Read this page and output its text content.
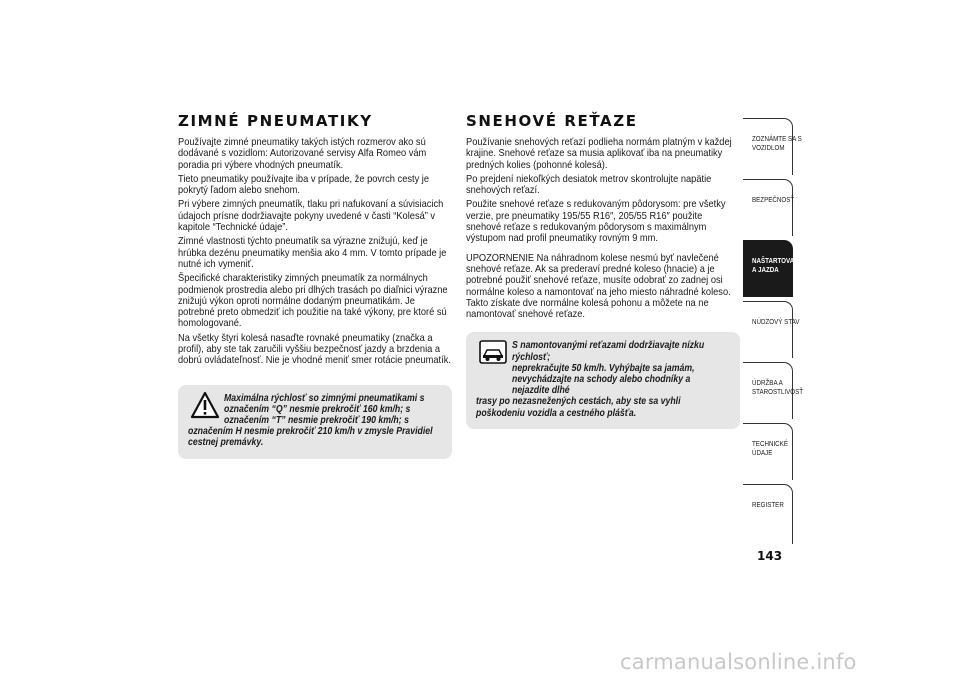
ZIMNÉ PNEUMATIKY

Používajte zimné pneumatiky takých istých rozmerov ako sú dodávané s vozidlom: Autorizované servisy Alfa Romeo vám poradia pri výbere vhodných pneumatík.

Tieto pneumatiky používajte iba v prípade, že povrch cesty je pokrytý ľadom alebo snehom.

Pri výbere zimných pneumatík, tlaku pri nafukovaní a súvisiacich údajoch prísne dodržiavajte pokyny uvedené v časti “Kolesá” v kapitole “Technické údaje”.

Zimné vlastnosti týchto pneumatík sa výrazne znižujú, keď je hrúbka dezénu pneumatiky menšia ako 4 mm. V tomto prípade je nutné ich vymeniť.

Špecifické charakteristiky zimných pneumatík za normálnych podmienok prostredia alebo pri dlhých trasách po diaľnici výrazne znižujú výkon oproti normálne dodaným pneumatikám. Je potrebné preto obmedziť ich použitie na také výkony, pre ktoré sú homologované.

Na všetky štyri kolesá nasaďte rovnaké pneumatiky (značka a profil), aby ste tak zaručili vyššiu bezpečnosť jazdy a brzdenia a dobrú ovládateľnosť. Nie je vhodné meniť smer rotácie pneumatík.

Maximálna rýchlosť so zimnými pneumatikami s
označením “Q” nesmie prekročiť 160 km/h; s
označením “T” nesmie prekročiť 190 km/h; s
označením H nesmie prekročiť 210 km/h v zmysle Pravidiel cestnej premávky.

SNEHOVÉ REŤAZE

Používanie snehových reťazí podlieha normám platným v každej krajine. Snehové reťaze sa musia aplikovať iba na pneumatiky predných kolies (pohonné kolesá).

Po prejdení niekoľkých desiatok metrov skontrolujte napätie snehových reťazí.

Použite snehové reťaze s redukovaným pôdorysom: pre všetky verzie, pre pneumatiky 195/55 R16″, 205/55 R16″ použite snehové reťaze s redukovaným pôdorysom s maximálnym výstupom nad profil pneumatiky rovným 9 mm.

UPOZORNENIE Na náhradnom kolese nesmú byť navlečené snehové reťaze. Ak sa prederaví predné koleso (hnacie) a je potrebné použiť snehové reťaze, musíte odobrať zo zadnej osi normálne koleso a namontovať na jeho miesto náhradné koleso. Takto získate dve normálne kolesá pohonu a môžete na ne namontovať snehové reťaze.

S namontovanými reťazami dodržiavajte nízku rýchlosť;
neprekračujte 50 km/h. Vyhýbajte sa jamám,
nevychádzajte na schody alebo chodníky a nejazdite dlhé
trasy po nezasnežených cestách, aby ste sa vyhli poškodeniu vozidla a cestného plášťa.

ZOZNÁMTE SA S VOZIDLOM
BEZPEČNOSŤ
NAŠTARTOVANIE A JAZDA
NÚDZOVÝ STAV
ÚDRŽBA A STAROSTLIVOSŤ
TECHNICKÉ ÚDAJE
REGISTER
143
carmanualsonline.info
